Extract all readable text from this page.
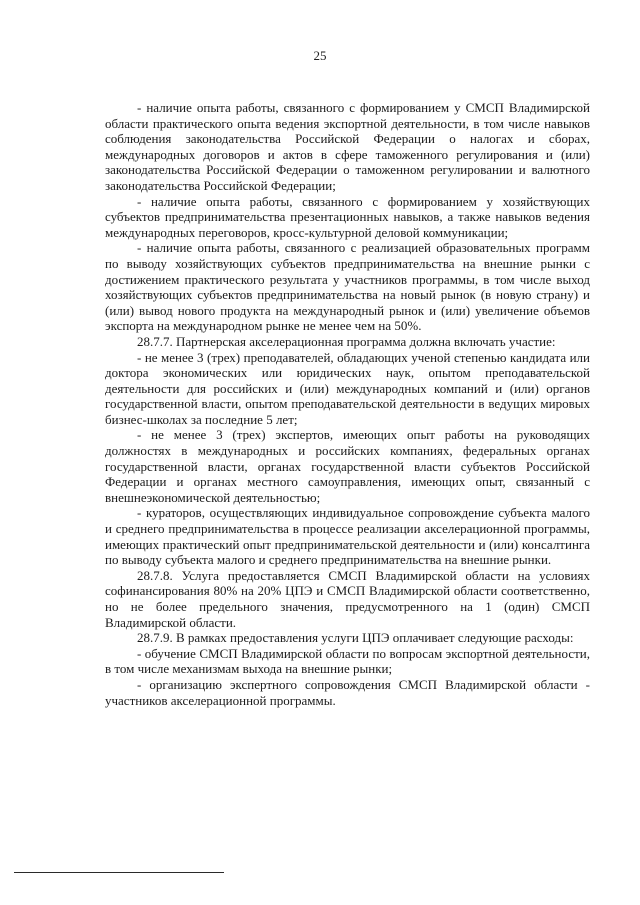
25

- наличие опыта работы, связанного с формированием у СМСП Владимирской области практического опыта ведения экспортной деятельности, в том числе навыков соблюдения законодательства Российской Федерации о налогах и сборах, международных договоров и актов в сфере таможенного регулирования и (или) законодательства Российской Федерации о таможенном регулировании и валютного законодательства Российской Федерации;

- наличие опыта работы, связанного с формированием у хозяйствующих субъектов предпринимательства презентационных навыков, а также навыков ведения международных переговоров, кросс-культурной деловой коммуникации;

- наличие опыта работы, связанного с реализацией образовательных программ по выводу хозяйствующих субъектов предпринимательства на внешние рынки с достижением практического результата у участников программы, в том числе выход хозяйствующих субъектов предпринимательства на новый рынок (в новую страну) и (или) вывод нового продукта на международный рынок и (или) увеличение объемов экспорта на международном рынке не менее чем на 50%.

28.7.7. Партнерская акселерационная программа должна включать участие:

- не менее 3 (трех) преподавателей, обладающих ученой степенью кандидата или доктора экономических или юридических наук, опытом преподавательской деятельности для российских и (или) международных компаний и (или) органов государственной власти, опытом преподавательской деятельности в ведущих мировых бизнес-школах за последние 5 лет;

- не менее 3 (трех) экспертов, имеющих опыт работы на руководящих должностях в международных и российских компаниях, федеральных органах государственной власти, органах государственной власти субъектов Российской Федерации и органах местного самоуправления, имеющих опыт, связанный с внешнеэкономической деятельностью;

- кураторов, осуществляющих индивидуальное сопровождение субъекта малого и среднего предпринимательства в процессе реализации акселерационной программы, имеющих практический опыт предпринимательской деятельности и (или) консалтинга по выводу субъекта малого и среднего предпринимательства на внешние рынки.

28.7.8. Услуга предоставляется СМСП Владимирской области на условиях софинансирования 80% на 20% ЦПЭ и СМСП Владимирской области соответственно, но не более предельного значения, предусмотренного на 1 (один) СМСП Владимирской области.

28.7.9. В рамках предоставления услуги ЦПЭ оплачивает следующие расходы:

- обучение СМСП Владимирской области по вопросам экспортной деятельности, в том числе механизмам выхода на внешние рынки;

- организацию экспертного сопровождения СМСП Владимирской области - участников акселерационной программы.
